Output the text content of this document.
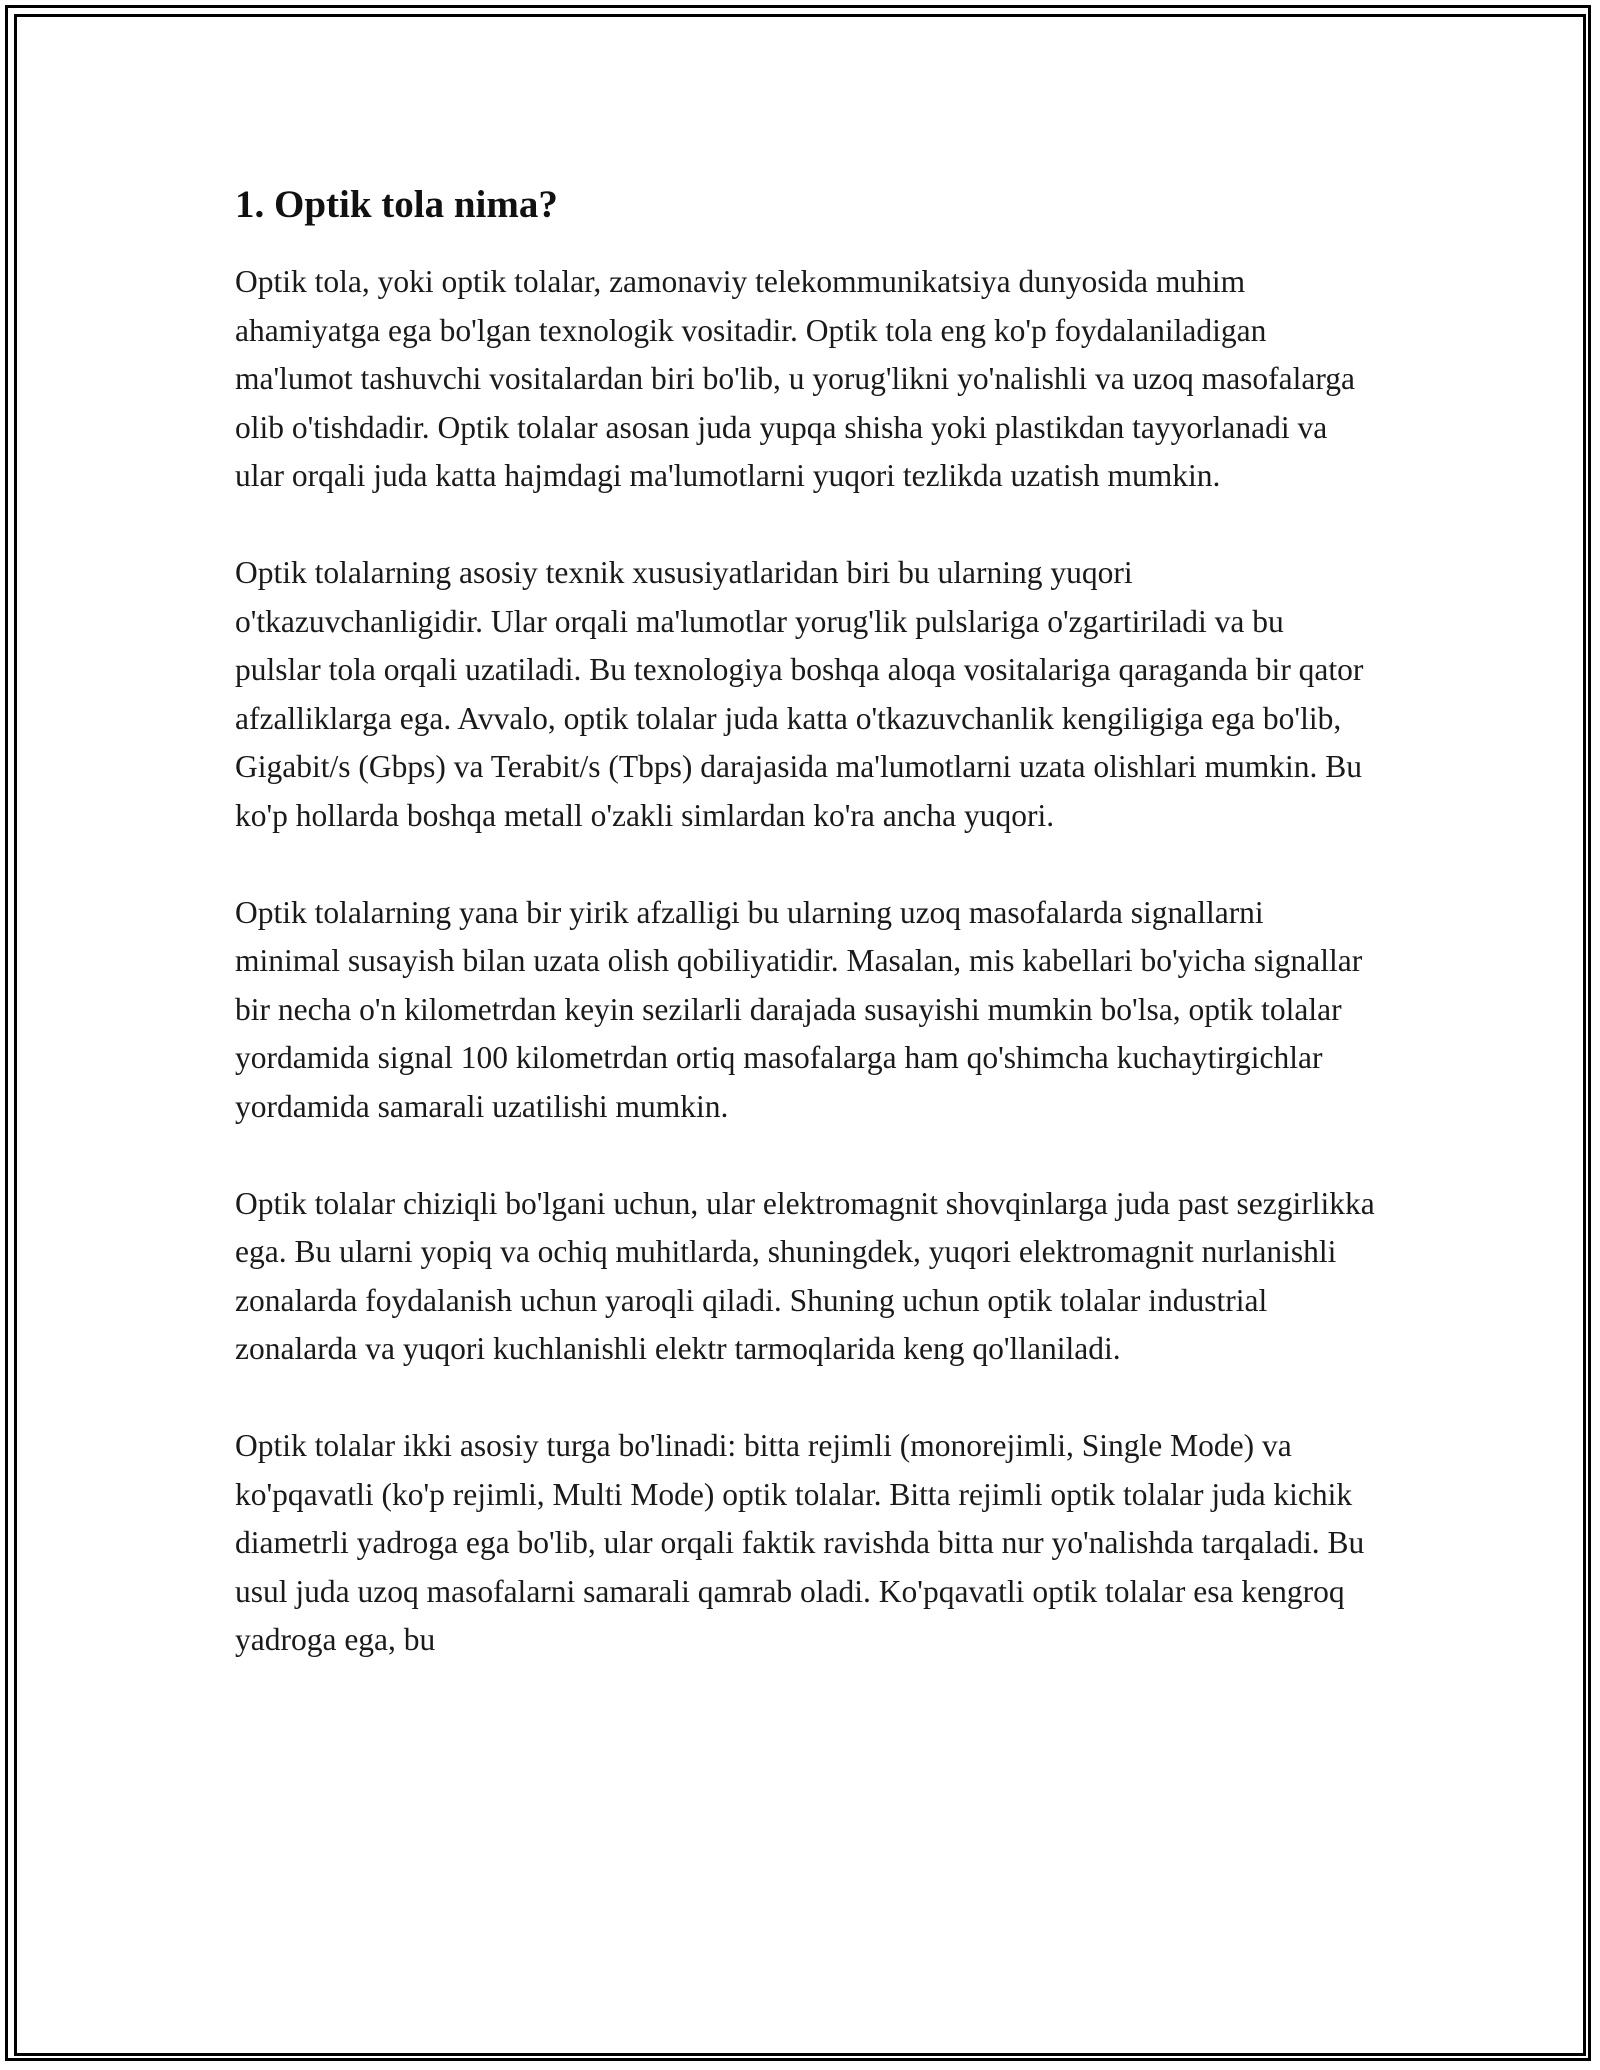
1. Optik tola nima?

Optik tola, yoki optik tolalar, zamonaviy telekommunikatsiya dunyosida muhim ahamiyatga ega bo'lgan texnologik vositadir. Optik tola eng ko'p foydalaniladigan ma'lumot tashuvchi vositalardan biri bo'lib, u yorug'likni yo'nalishli va uzoq masofalarga olib o'tishdadir. Optik tolalar asosan juda yupqa shisha yoki plastikdan tayyorlanadi va ular orqali juda katta hajmdagi ma'lumotlarni yuqori tezlikda uzatish mumkin.

Optik tolalarning asosiy texnik xususiyatlaridan biri bu ularning yuqori o'tkazuvchanligidir. Ular orqali ma'lumotlar yorug'lik pulslariga o'zgartiriladi va bu pulslar tola orqali uzatiladi. Bu texnologiya boshqa aloqa vositalariga qaraganda bir qator afzalliklarga ega. Avvalo, optik tolalar juda katta o'tkazuvchanlik kengiligiga ega bo'lib, Gigabit/s (Gbps) va Terabit/s (Tbps) darajasida ma'lumotlarni uzata olishlari mumkin. Bu ko'p hollarda boshqa metall o'zakli simlardan ko'ra ancha yuqori.

Optik tolalarning yana bir yirik afzalligi bu ularning uzoq masofalarda signallarni minimal susayish bilan uzata olish qobiliyatidir. Masalan, mis kabellari bo'yicha signallar bir necha o'n kilometrdan keyin sezilarli darajada susayishi mumkin bo'lsa, optik tolalar yordamida signal 100 kilometrdan ortiq masofalarga ham qo'shimcha kuchaytirgichlar yordamida samarali uzatilishi mumkin.

Optik tolalar chiziqli bo'lgani uchun, ular elektromagnit shovqinlarga juda past sezgirlikka ega. Bu ularni yopiq va ochiq muhitlarda, shuningdek, yuqori elektromagnit nurlanishli zonalarda foydalanish uchun yaroqli qiladi. Shuning uchun optik tolalar industrial zonalarda va yuqori kuchlanishli elektr tarmoqlarida keng qo'llaniladi.

Optik tolalar ikki asosiy turga bo'linadi: bitta rejimli (monorejimli, Single Mode) va ko'pqavatli (ko'p rejimli, Multi Mode) optik tolalar. Bitta rejimli optik tolalar juda kichik diametrli yadroga ega bo'lib, ular orqali faktik ravishda bitta nur yo'nalishda tarqaladi. Bu usul juda uzoq masofalarni samarali qamrab oladi. Ko'pqavatli optik tolalar esa kengroq yadroga ega, bu
